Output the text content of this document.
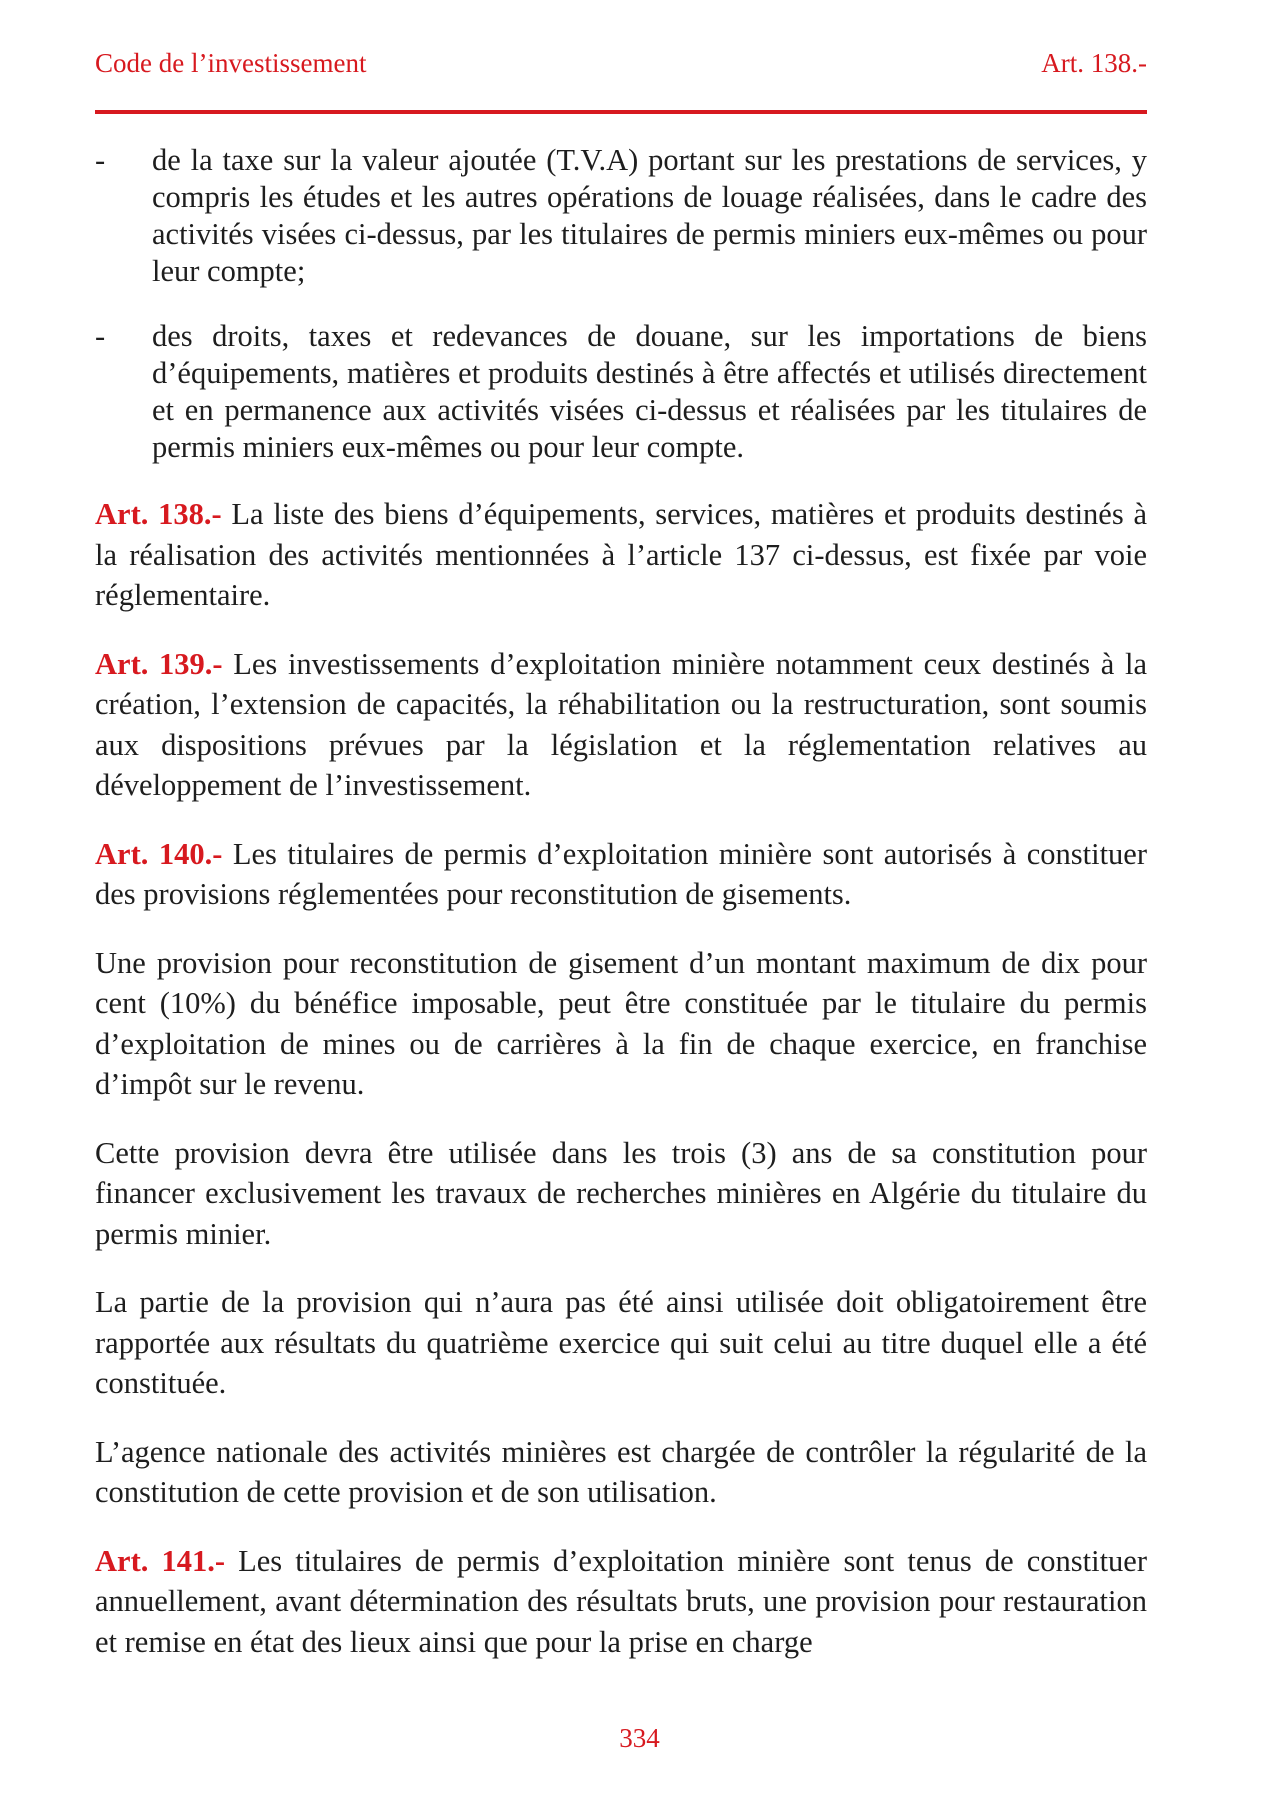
Code de l’investissement	Art. 138.-
-	de la taxe sur la valeur ajoutée (T.V.A) portant sur les prestations de services, y compris les études et les autres opérations de louage réalisées, dans le cadre des activités visées ci-dessus, par les titulaires de permis miniers eux-mêmes ou pour leur compte;
-	des droits, taxes et redevances de douane, sur les importations de biens d’équipements, matières et produits destinés à être affectés et utilisés directement et en permanence aux activités visées ci-dessus et réalisées par les titulaires de permis miniers eux-mêmes ou pour leur compte.

Art. 138.- La liste des biens d’équipements, services, matières et produits destinés à la réalisation des activités mentionnées à l’article 137 ci-dessus, est fixée par voie réglementaire.

Art. 139.- Les investissements d’exploitation minière notamment ceux destinés à la création, l’extension de capacités, la réhabilitation ou la restructuration, sont soumis aux dispositions prévues par la législation et la réglementation relatives au développement de l’investissement.

Art. 140.- Les titulaires de permis d’exploitation minière sont autorisés à constituer des provisions réglementées pour reconstitution de gisements.

Une provision pour reconstitution de gisement d’un montant maximum de dix pour cent (10%) du bénéfice imposable, peut être constituée par le titulaire du permis d’exploitation de mines ou de carrières à la fin de chaque exercice, en franchise d’impôt sur le revenu.

Cette provision devra être utilisée dans les trois (3) ans de sa constitution pour financer exclusivement les travaux de recherches minières en Algérie du titulaire du permis minier.

La partie de la provision qui n’aura pas été ainsi utilisée doit obligatoirement être rapportée aux résultats du quatrième exercice qui suit celui au titre duquel elle a été constituée.

L’agence nationale des activités minières est chargée de contrôler la régularité de la constitution de cette provision et de son utilisation.

Art. 141.- Les titulaires de permis d’exploitation minière sont tenus de constituer annuellement, avant détermination des résultats bruts, une provision pour restauration et remise en état des lieux ainsi que pour la prise en charge

334
